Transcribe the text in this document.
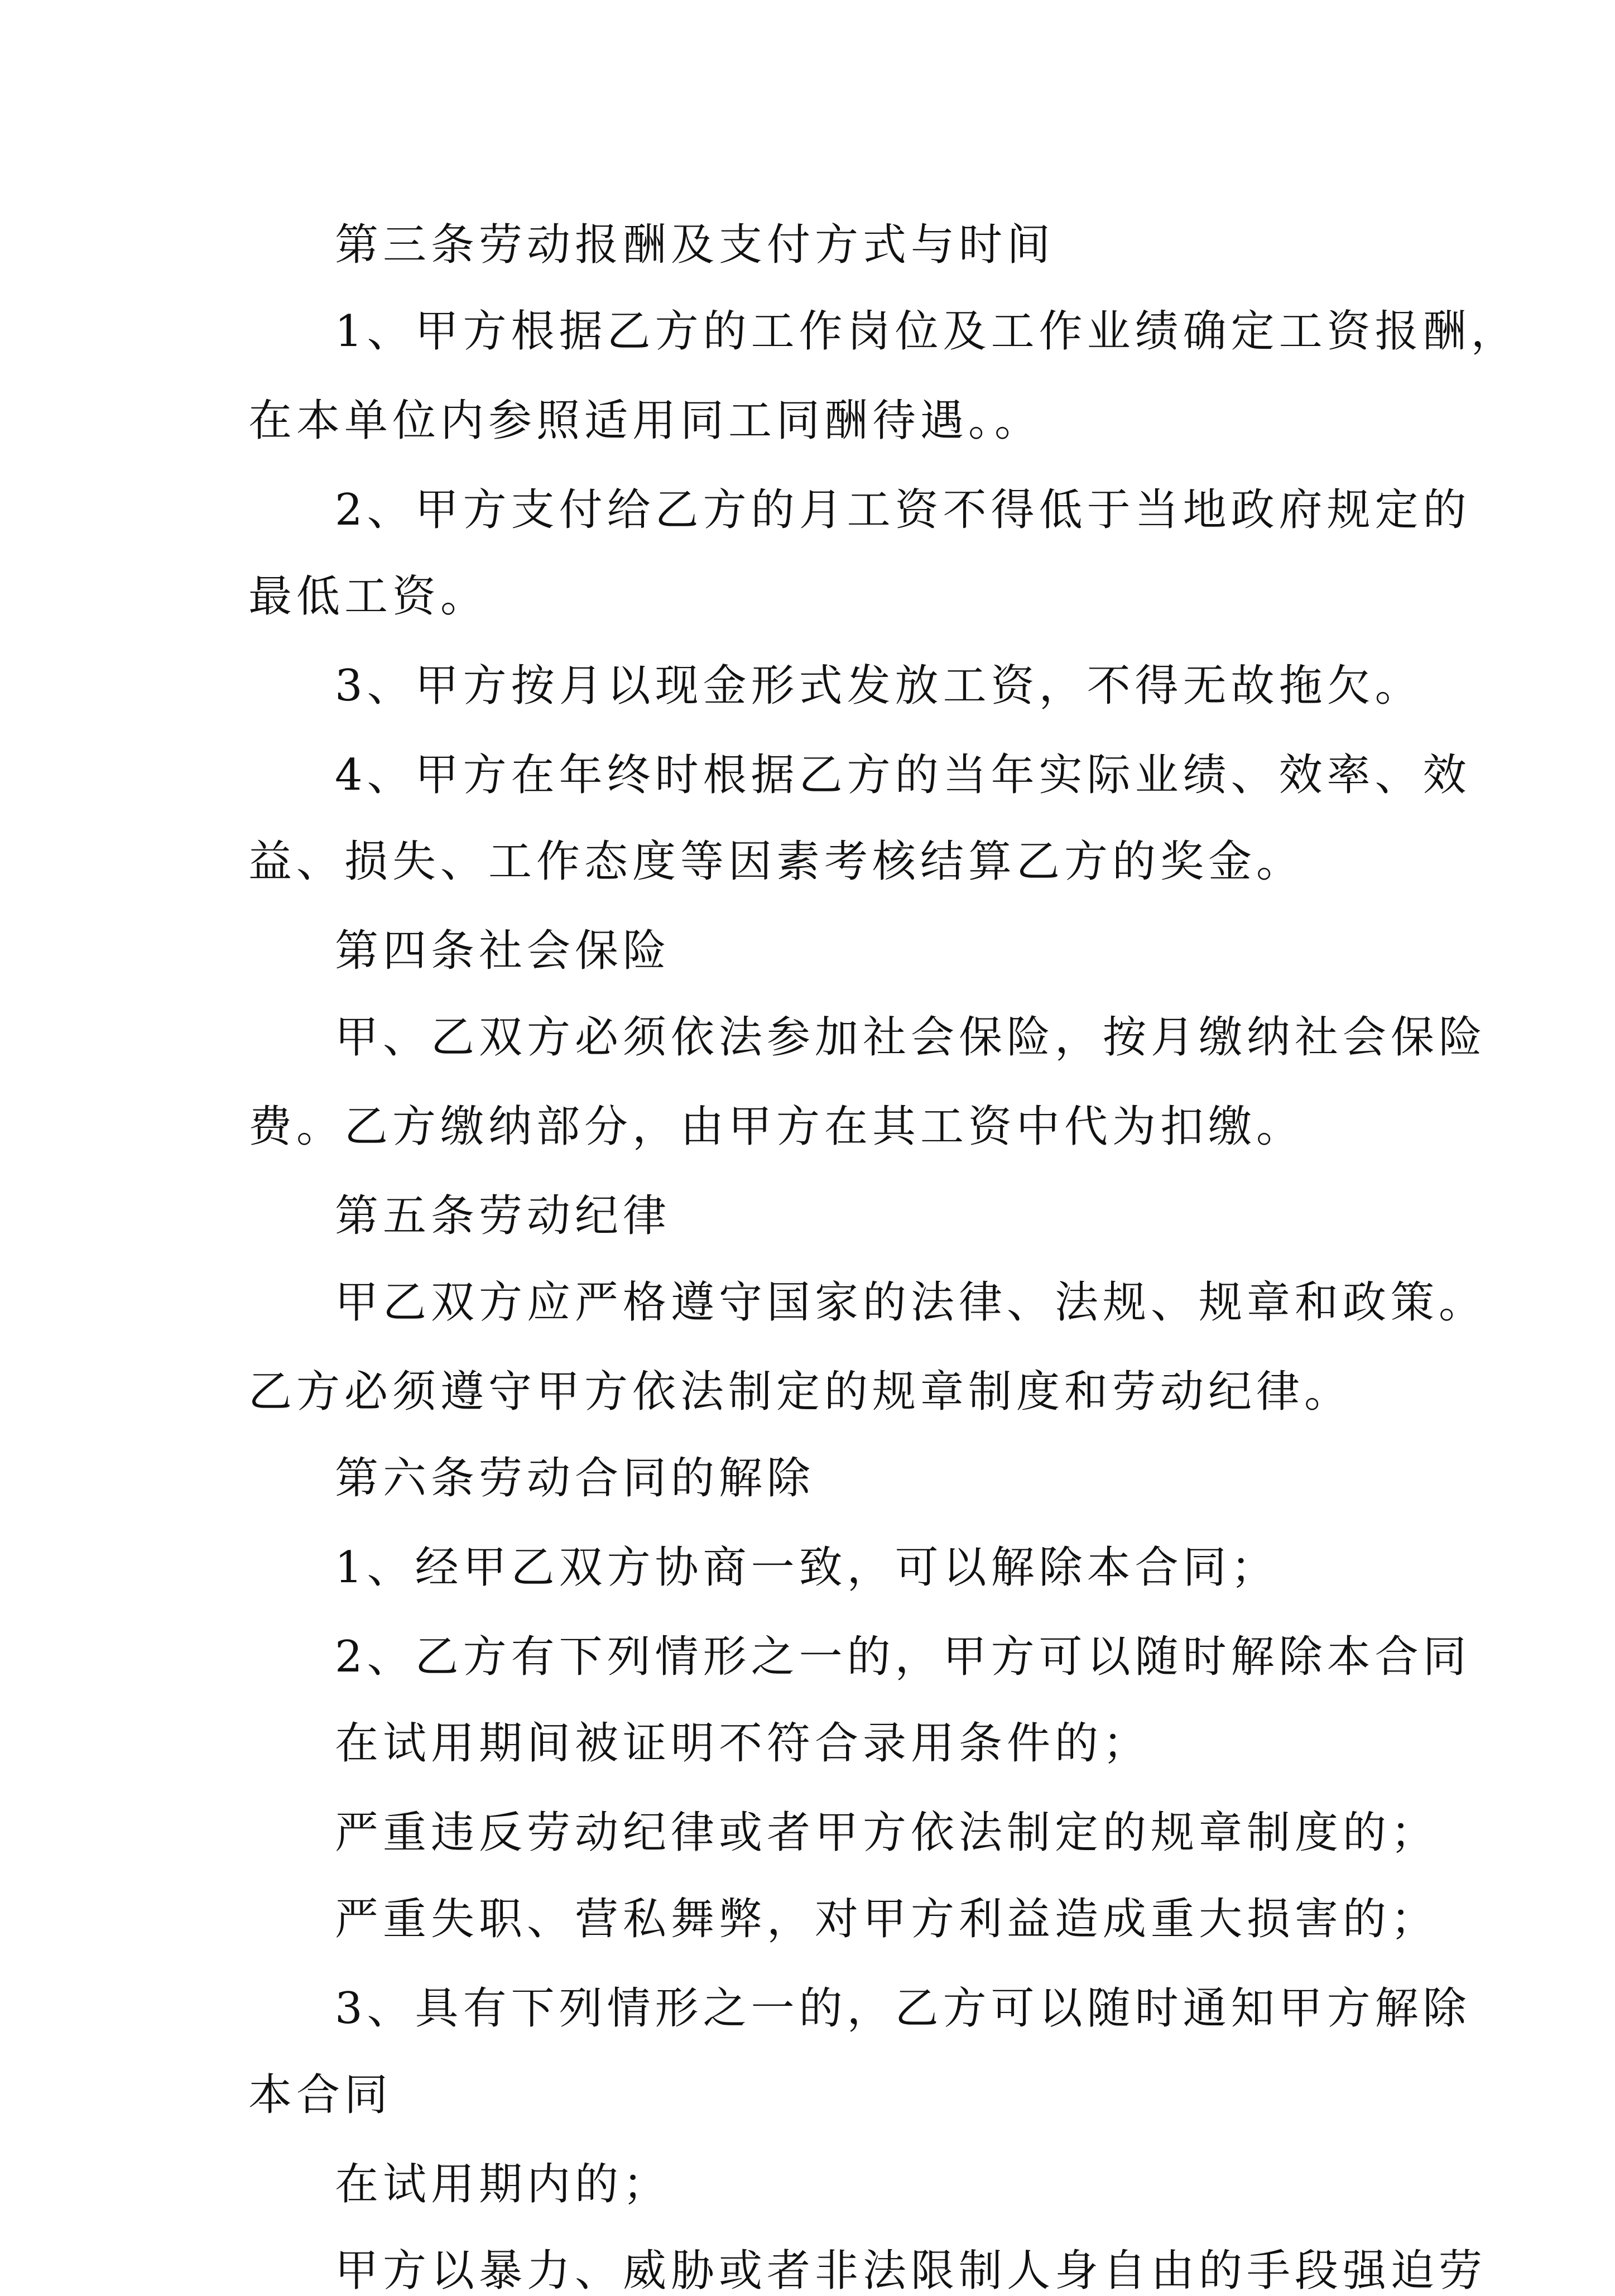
第三条劳动报酬及支付方式与时间
1、甲方根据乙方的工作岗位及工作业绩确定工资报酬，
在本单位内参照适用同工同酬待遇。。
2、甲方支付给乙方的月工资不得低于当地政府规定的
最低工资。
3、甲方按月以现金形式发放工资，不得无故拖欠。
4、甲方在年终时根据乙方的当年实际业绩、效率、效
益、损失、工作态度等因素考核结算乙方的奖金。
第四条社会保险
甲、乙双方必须依法参加社会保险，按月缴纳社会保险
费。乙方缴纳部分，由甲方在其工资中代为扣缴。
第五条劳动纪律
甲乙双方应严格遵守国家的法律、法规、规章和政策。
乙方必须遵守甲方依法制定的规章制度和劳动纪律。
第六条劳动合同的解除
1、经甲乙双方协商一致，可以解除本合同；
2、乙方有下列情形之一的，甲方可以随时解除本合同
在试用期间被证明不符合录用条件的；
严重违反劳动纪律或者甲方依法制定的规章制度的；
严重失职、营私舞弊，对甲方利益造成重大损害的；
3、具有下列情形之一的，乙方可以随时通知甲方解除
本合同
在试用期内的；
甲方以暴力、威胁或者非法限制人身自由的手段强迫劳
